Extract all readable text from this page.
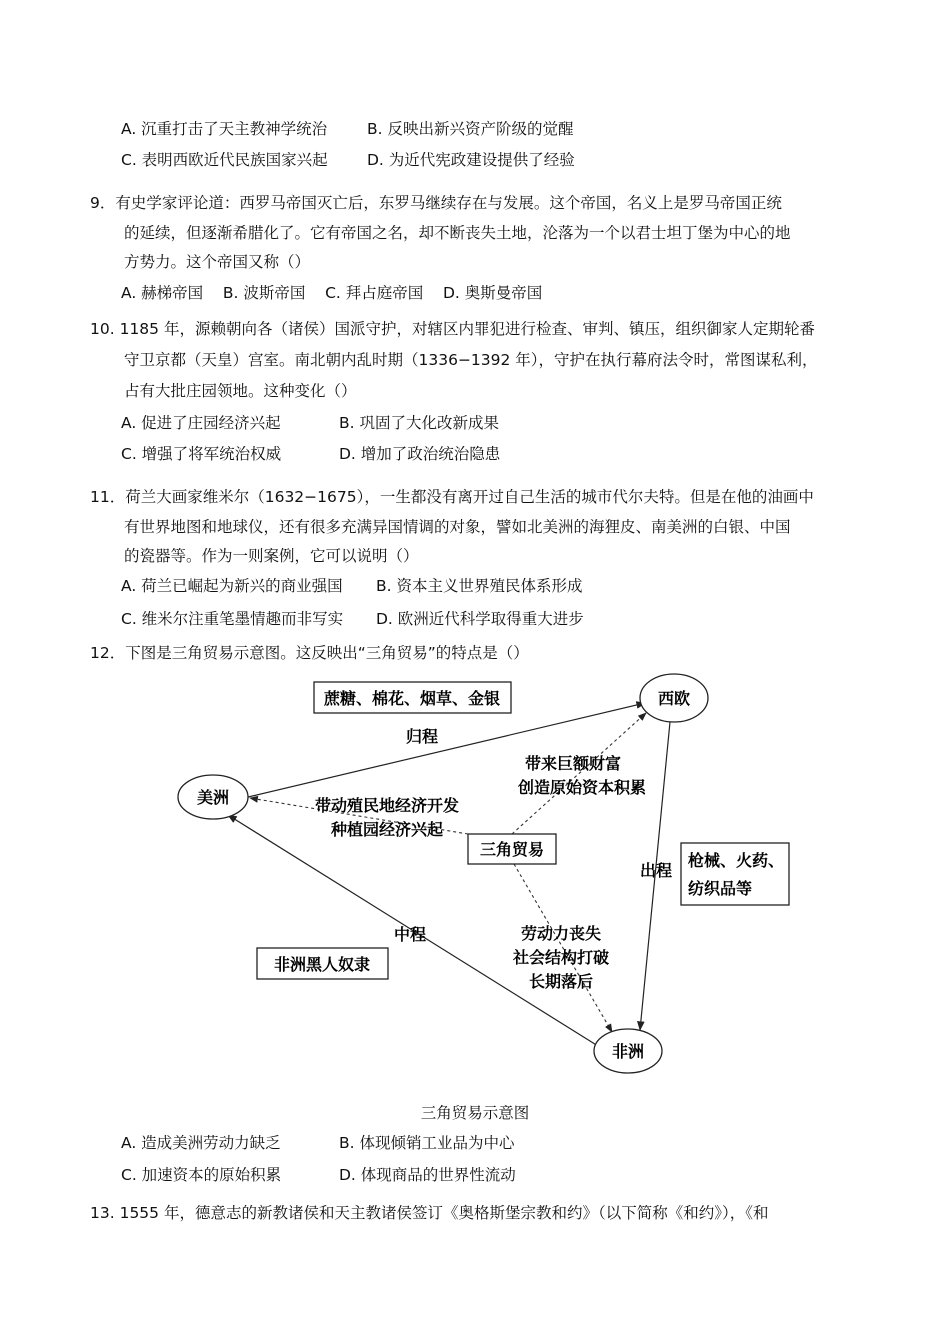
A. 沉重打击了天主教神学统治	B. 反映出新兴资产阶级的觉醒
C. 表明西欧近代民族国家兴起	D. 为近代宪政建设提供了经验
9．有史学家评论道：西罗马帝国灭亡后，东罗马继续存在与发展。这个帝国，名义上是罗马帝国正统
的延续，但逐渐希腊化了。它有帝国之名，却不断丧失土地，沦落为一个以君士坦丁堡为中心的地
方势力。这个帝国又称（）
A. 赫梯帝国    B. 波斯帝国    C. 拜占庭帝国    D. 奥斯曼帝国
10. 1185 年，源赖朝向各（诸侯）国派守护，对辖区内罪犯进行检查、审判、镇压，组织御家人定期轮番
守卫京都（天皇）宫室。南北朝内乱时期（1336−1392 年），守护在执行幕府法令时，常图谋私利，
占有大批庄园领地。这种变化（）
A. 促进了庄园经济兴起	B. 巩固了大化改新成果
C. 增强了将军统治权威	D. 增加了政治统治隐患
11．荷兰大画家维米尔（1632−1675），一生都没有离开过自己生活的城市代尔夫特。但是在他的油画中
有世界地图和地球仪，还有很多充满异国情调的对象，譬如北美洲的海狸皮、南美洲的白银、中国
的瓷器等。作为一则案例，它可以说明（）
A. 荷兰已崛起为新兴的商业强国 B. 资本主义世界殖民体系形成
C. 维米尔注重笔墨情趣而非写实 D. 欧洲近代科学取得重大进步
12．下图是三角贸易示意图。这反映出“三角贸易”的特点是（）
西欧
美洲
非洲
蔗糖、棉花、烟草、金银
三角贸易
枪械、火药、
纺织品等
非洲黑人奴隶
归程
出程
中程
带来巨额财富
创造原始资本积累
带动殖民地经济开发
种植园经济兴起
劳动力丧失
社会结构打破
长期落后
三角贸易示意图
A. 造成美洲劳动力缺乏	B. 体现倾销工业品为中心
C. 加速资本的原始积累	D. 体现商品的世界性流动
13. 1555 年，德意志的新教诸侯和天主教诸侯签订《奥格斯堡宗教和约》（以下简称《和约》），《和
